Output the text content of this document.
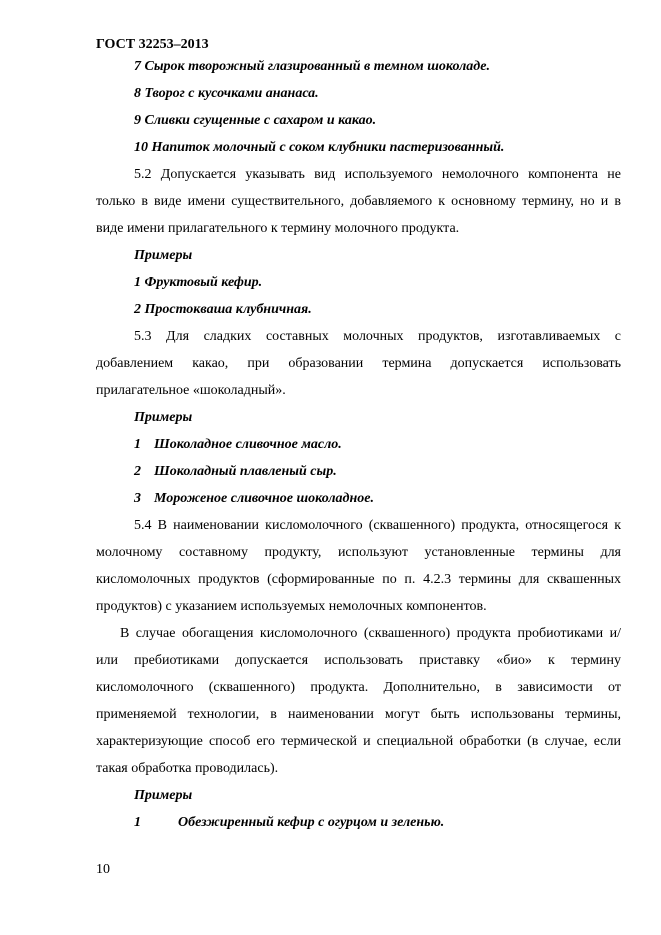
ГОСТ 32253–2013
7 Сырок творожный глазированный в темном шоколаде.
8 Творог с кусочками ананаса.
9 Сливки сгущенные с сахаром и какао.
10 Напиток молочный с соком клубники пастеризованный.

5.2 Допускается указывать вид используемого немолочного компонента не только в виде имени существительного, добавляемого к основному термину, но и в виде имени прилагательного к термину молочного продукта.

Примеры
1 Фруктовый кефир.
2 Простокваша клубничная.

5.3 Для сладких составных молочных продуктов, изготавливаемых с добавлением какао, при образовании термина допускается использовать прилагательное «шоколадный».

Примеры
1 Шоколадное сливочное масло.
2 Шоколадный плавленый сыр.
3 Мороженое сливочное шоколадное.

5.4 В наименовании кисломолочного (сквашенного) продукта, относящегося к молочному составному продукту, используют установленные термины для кисломолочных продуктов (сформированные по п. 4.2.3 термины для сквашенных продуктов) с указанием используемых немолочных компонентов.

В случае обогащения кисломолочного (сквашенного) продукта пробиотиками и/или пребиотиками допускается использовать приставку «био» к термину кисломолочного (сквашенного) продукта. Дополнительно, в зависимости от применяемой технологии, в наименовании могут быть использованы термины, характеризующие способ его термической и специальной обработки (в случае, если такая обработка проводилась).

Примеры
1	Обезжиренный кефир с огурцом и зеленью.
10
